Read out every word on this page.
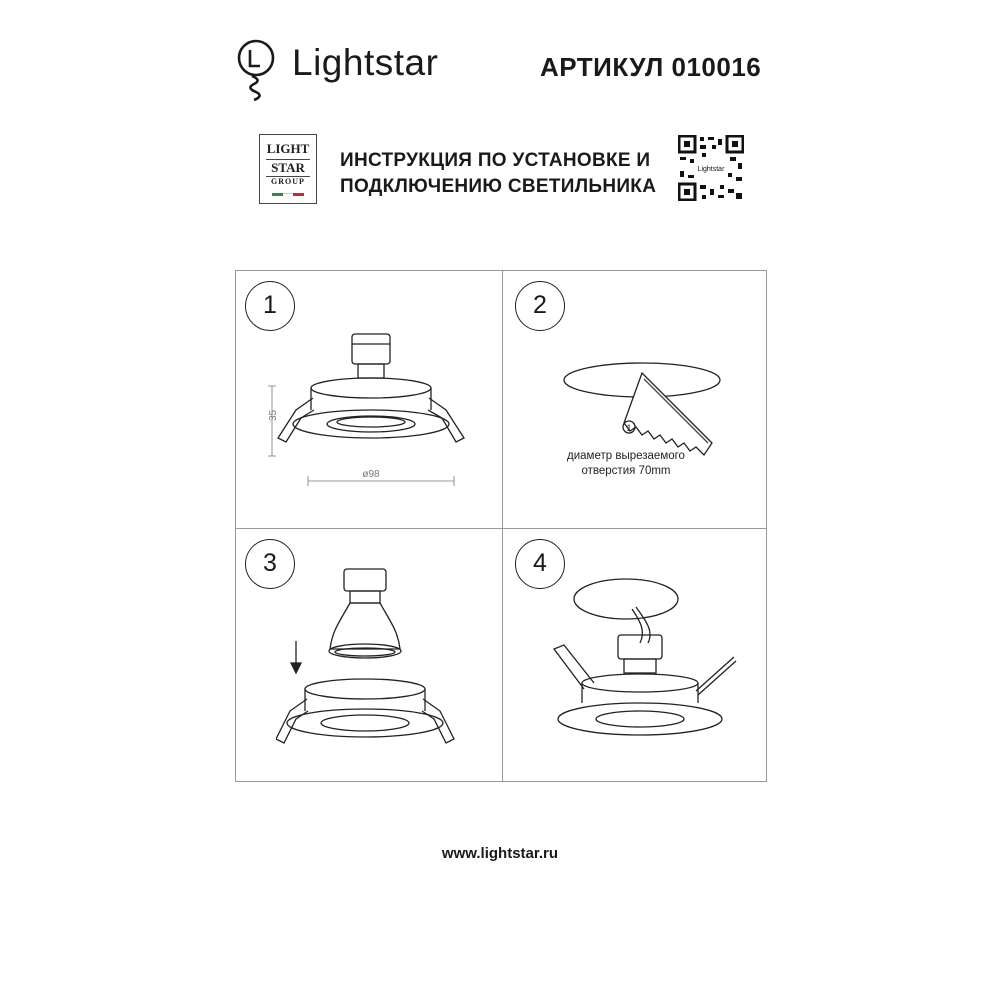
Lightstar	АРТИКУЛ 010016
LIGHT
STAR
GROUP
ИНСТРУКЦИЯ ПО УСТАНОВКЕ И
ПОДКЛЮЧЕНИЮ СВЕТИЛЬНИКА
Lightstar
1
35
ø98
2
1
диаметр вырезаемого
отверстия 70mm
3	4
www.lightstar.ru
